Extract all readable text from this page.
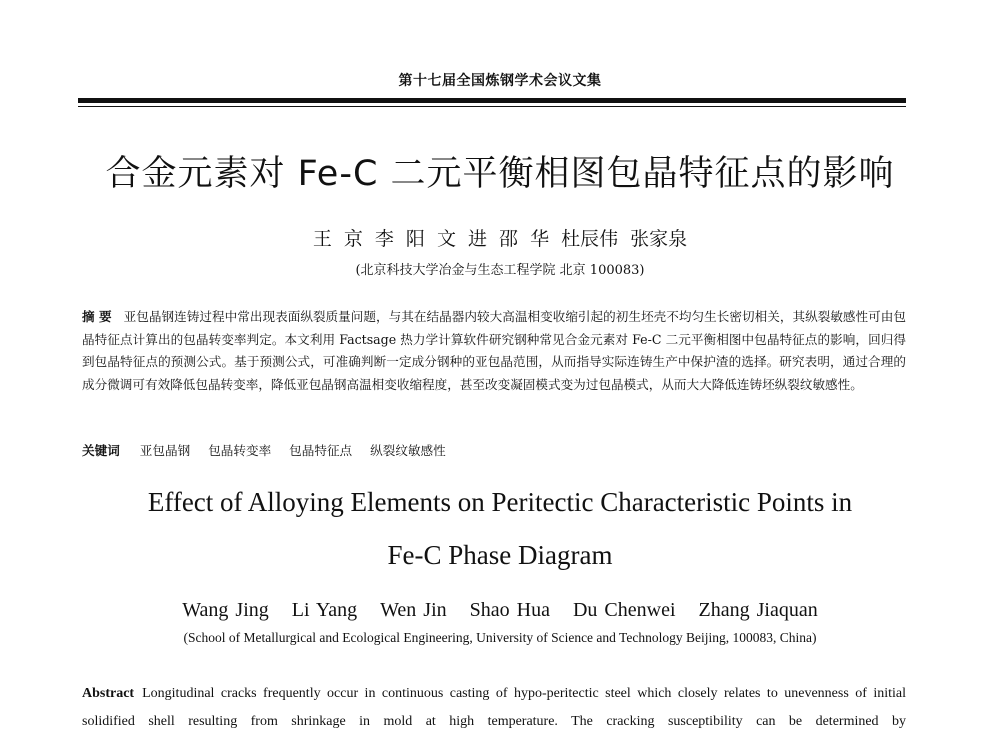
第十七届全国炼钢学术会议文集
合金元素对 Fe-C 二元平衡相图包晶特征点的影响
王 京 李 阳 文 进 邵 华 杜辰伟 张家泉
(北京科技大学冶金与生态工程学院 北京 100083)
摘 要 亚包晶钢连铸过程中常出现表面纵裂质量问题，与其在结晶器内较大高温相变收缩引起的初生坯壳不均匀生长密切相关，其纵裂敏感性可由包晶特征点计算出的包晶转变率判定。本文利用 Factsage 热力学计算软件研究钢种常见合金元素对 Fe-C 二元平衡相图中包晶特征点的影响，回归得到包晶特征点的预测公式。基于预测公式，可准确判断一定成分钢种的亚包晶范围，从而指导实际连铸生产中保护渣的选择。研究表明，通过合理的成分微调可有效降低包晶转变率，降低亚包晶钢高温相变收缩程度，甚至改变凝固模式变为过包晶模式，从而大大降低连铸坯纵裂纹敏感性。
关键词 亚包晶钢 包晶转变率 包晶特征点 纵裂纹敏感性
Effect of Alloying Elements on Peritectic Characteristic Points in
Fe-C Phase Diagram
Wang Jing Li Yang Wen Jin Shao Hua Du Chenwei Zhang Jiaquan
(School of Metallurgical and Ecological Engineering, University of Science and Technology Beijing, 100083, China)
Abstract Longitudinal cracks frequently occur in continuous casting of hypo-peritectic steel which closely relates to unevenness of initial solidified shell resulting from shrinkage in mold at high temperature. The cracking susceptibility can be determined by
